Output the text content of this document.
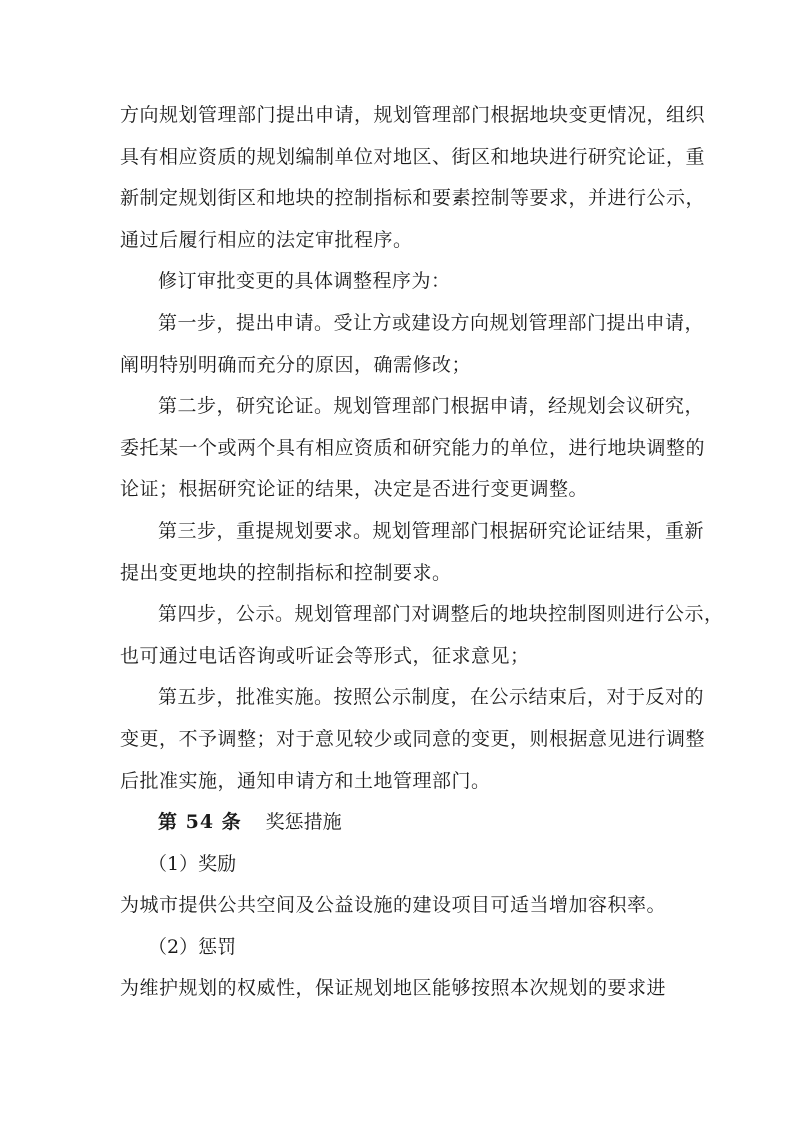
方向规划管理部门提出申请，规划管理部门根据地块变更情况，组织
具有相应资质的规划编制单位对地区、街区和地块进行研究论证，重
新制定规划街区和地块的控制指标和要素控制等要求，并进行公示，
通过后履行相应的法定审批程序。

修订审批变更的具体调整程序为：

第一步，提出申请。受让方或建设方向规划管理部门提出申请，
阐明特别明确而充分的原因，确需修改；

第二步，研究论证。规划管理部门根据申请，经规划会议研究，
委托某一个或两个具有相应资质和研究能力的单位，进行地块调整的
论证；根据研究论证的结果，决定是否进行变更调整。

第三步，重提规划要求。规划管理部门根据研究论证结果，重新
提出变更地块的控制指标和控制要求。

第四步，公示。规划管理部门对调整后的地块控制图则进行公示，
也可通过电话咨询或听证会等形式，征求意见；

第五步，批准实施。按照公示制度，在公示结束后，对于反对的
变更，不予调整；对于意见较少或同意的变更，则根据意见进行调整
后批准实施，通知申请方和土地管理部门。

第 54 条 奖惩措施

（1）奖励

为城市提供公共空间及公益设施的建设项目可适当增加容积率。

（2）惩罚

为维护规划的权威性，保证规划地区能够按照本次规划的要求进
